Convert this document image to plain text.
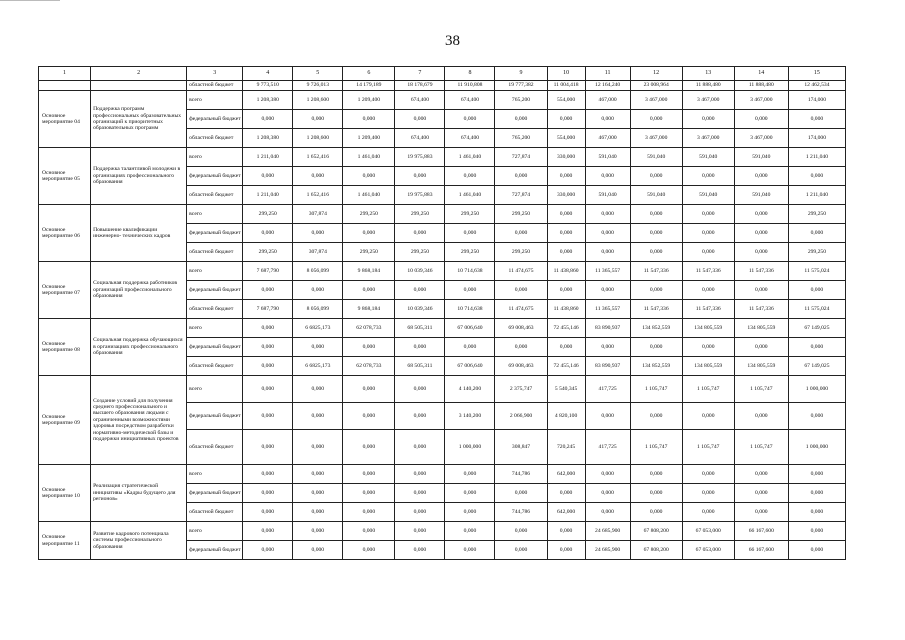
38
1	2	3	4	5	6	7	8	9	10	11	12	13	14	15
		областной бюджет	9 773,510	9 726,013	14 179,189	18 178,679	11 910,808	19 777,382	11 004,418	12 164,240	23 008,964	11 888,480	11 888,480	12 462,534
Основное мероприятие 04	Поддержка программ профессиональных образовательных организаций к приоритетных образовательных программ	всего	1 208,380	1 208,600	1 209,400	674,400	674,400	765,200	554,000	467,000	3 467,000	3 467,000	3 467,000	174,000
		федеральный бюджет	0,000	0,000	0,000	0,000	0,000	0,000	0,000	0,000	0,000	0,000	0,000	0,000
		областной бюджет	1 208,380	1 208,600	1 209,400	674,400	674,400	765,200	554,000	467,000	3 467,000	3 467,000	3 467,000	174,000
Основное мероприятие 05	Поддержка талантливой молодежи в организациях профессионального образования	всего	1 211,040	1 652,416	1 461,040	19 975,883	1 461,040	727,874	330,000	591,040	591,040	591,040	591,040	1 211,040
		федеральный бюджет	0,000	0,000	0,000	0,000	0,000	0,000	0,000	0,000	0,000	0,000	0,000	0,000
		областной бюджет	1 211,040	1 652,416	1 461,040	19 975,883	1 461,040	727,874	330,000	591,040	591,040	591,040	591,040	1 211,040
Основное мероприятие 06	Повышение квалификации инженерно- технических кадров	всего	299,250	307,874	299,250	299,250	299,250	299,250	0,000	0,000	0,000	0,000	0,000	299,250
		федеральный бюджет	0,000	0,000	0,000	0,000	0,000	0,000	0,000	0,000	0,000	0,000	0,000	0,000
		областной бюджет	299,250	307,874	299,250	299,250	299,250	299,250	0,000	0,000	0,000	0,000	0,000	299,250
Основное мероприятие 07	Социальная поддержка работников организаций профессионального образования	всего	7 687,790	8 056,099	9 868,184	10 039,346	10 714,638	11 474,675	11 438,860	11 365,557	11 547,336	11 547,336	11 547,336	11 575,024
		федеральный бюджет	0,000	0,000	0,000	0,000	0,000	0,000	0,000	0,000	0,000	0,000	0,000	0,000
		областной бюджет	7 687,790	8 056,099	9 868,184	10 039,346	10 714,638	11 474,675	11 438,860	11 365,557	11 547,336	11 547,336	11 547,336	11 575,024
Основное мероприятие 08	Социальная поддержка обучающихся в организациях профессионального образования	всего	0,000	6 6825,173	62 078,733	68 505,311	67 006,640	69 008,463	72 455,146	83 890,937	134 852,559	134 805,559	134 805,559	67 149,025
		федеральный бюджет	0,000	0,000	0,000	0,000	0,000	0,000	0,000	0,000	0,000	0,000	0,000	0,000
		областной бюджет	0,000	6 6825,173	62 078,733	68 505,311	67 006,640	69 008,463	72 455,146	83 890,937	134 852,559	134 805,559	134 805,559	67 149,025
Основное мероприятие 09	Создание условий для получения среднего профессионального и высшего образования людьми с ограниченными возможностями здоровья посредством разработки нормативно-методической базы и поддержки инициативных проектов	всего	0,000	0,000	0,000	0,000	4 140,200	2 375,747	5 540,345	417,725	1 105,747	1 105,747	1 105,747	1 000,000
		федеральный бюджет	0,000	0,000	0,000	0,000	3 140,200	2 066,900	4 820,100	0,000	0,000	0,000	0,000	0,000
		областной бюджет	0,000	0,000	0,000	0,000	1 000,000	308,847	720,245	417,725	1 105,747	1 105,747	1 105,747	1 000,000
Основное мероприятие 10	Реализация стратегической инициативы «Кадры будущего для регионов»	всего	0,000	0,000	0,000	0,000	0,000	744,786	642,000	0,000	0,000	0,000	0,000	0,000
		федеральный бюджет	0,000	0,000	0,000	0,000	0,000	0,000	0,000	0,000	0,000	0,000	0,000	0,000
		областной бюджет	0,000	0,000	0,000	0,000	0,000	744,786	642,000	0,000	0,000	0,000	0,000	0,000
Основное мероприятие 11	Развитие кадрового потенциала системы профессионального образования	всего	0,000	0,000	0,000	0,000	0,000	0,000	0,000	24 685,900	67 808,200	67 053,000	66 167,600	0,000
		федеральный бюджет	0,000	0,000	0,000	0,000	0,000	0,000	0,000	24 685,900	67 808,200	67 053,000	66 167,600	0,000
